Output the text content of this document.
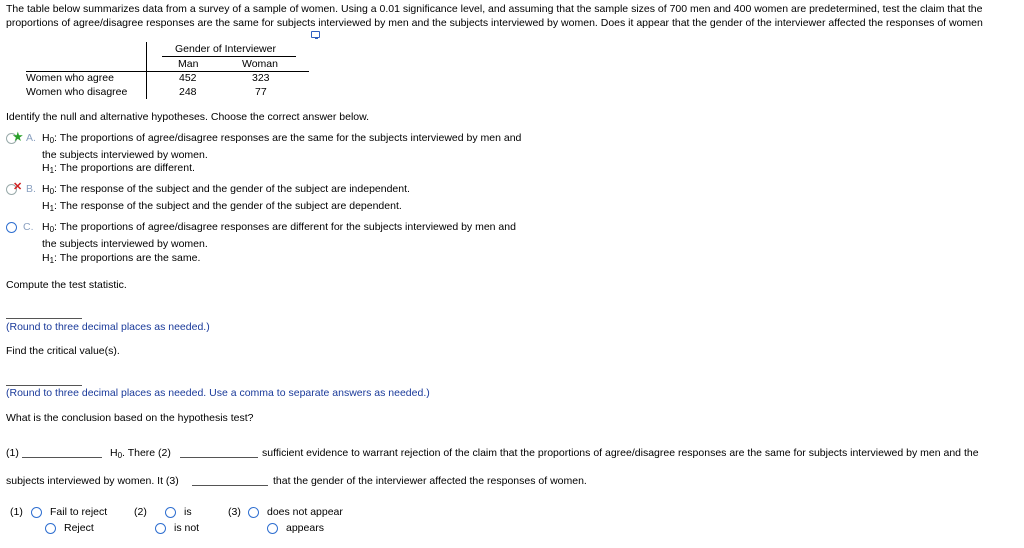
The table below summarizes data from a survey of a sample of women. Using a 0.01 significance level, and assuming that the sample sizes of 700 men and 400 women are predetermined, test the claim that the
proportions of agree/disagree responses are the same for subjects interviewed by men and the subjects interviewed by women. Does it appear that the gender of the interviewer affected the responses of women
Gender of Interviewer
Man	Woman
Women who agree	452	323
Women who disagree	248	77
Identify the null and alternative hypotheses. Choose the correct answer below.
★ A. $H_0$: The proportions of agree/disagree responses are the same for the subjects interviewed by men and
the subjects interviewed by women.
$H_1$: The proportions are different.
✕ B. $H_0$: The response of the subject and the gender of the subject are independent.
$H_1$: The response of the subject and the gender of the subject are dependent.
C. $H_0$: The proportions of agree/disagree responses are different for the subjects interviewed by men and
the subjects interviewed by women.
$H_1$: The proportions are the same.
Compute the test statistic.
(Round to three decimal places as needed.)
Find the critical value(s).
(Round to three decimal places as needed. Use a comma to separate answers as needed.)
What is the conclusion based on the hypothesis test?
(1)	$H_0$. There (2)	sufficient evidence to warrant rejection of the claim that the proportions of agree/disagree responses are the same for subjects interviewed by men and the
subjects interviewed by women. It (3)	that the gender of the interviewer affected the responses of women.
(1)	Fail to reject
Reject
(2)	is
is not
(3) does not appear
appears
